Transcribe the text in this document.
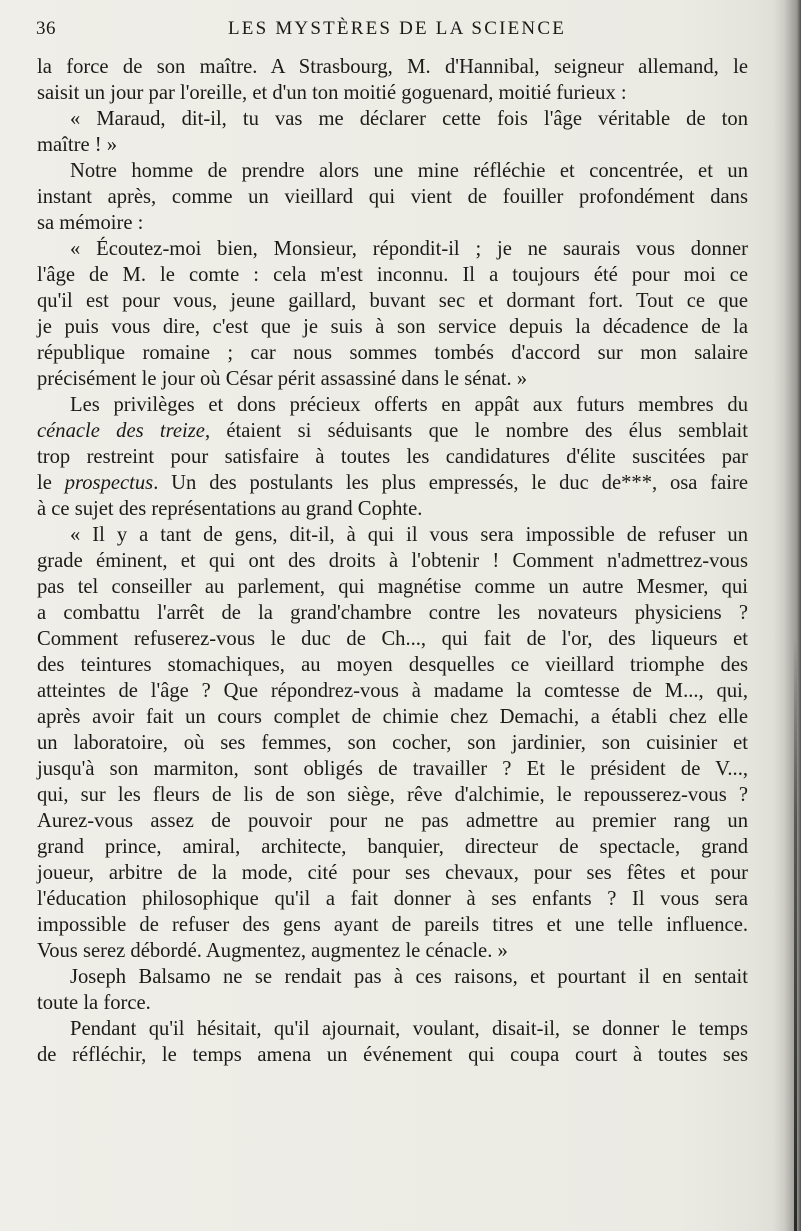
36	LES MYSTÈRES DE LA SCIENCE
la force de son maître. A Strasbourg, M. d'Hannibal, seigneur allemand, le
saisit un jour par l'oreille, et d'un ton moitié goguenard, moitié furieux :
« Maraud, dit-il, tu vas me déclarer cette fois l'âge véritable de ton
maître ! »
Notre homme de prendre alors une mine réfléchie et concentrée, et un
instant après, comme un vieillard qui vient de fouiller profondément dans
sa mémoire :
« Écoutez-moi bien, Monsieur, répondit-il ; je ne saurais vous donner
l'âge de M. le comte : cela m'est inconnu. Il a toujours été pour moi ce
qu'il est pour vous, jeune gaillard, buvant sec et dormant fort. Tout ce que
je puis vous dire, c'est que je suis à son service depuis la décadence de la
république romaine ; car nous sommes tombés d'accord sur mon salaire
précisément le jour où César périt assassiné dans le sénat. »
Les privilèges et dons précieux offerts en appât aux futurs membres du
cénacle des treize, étaient si séduisants que le nombre des élus semblait
trop restreint pour satisfaire à toutes les candidatures d'élite suscitées par
le prospectus. Un des postulants les plus empressés, le duc de***, osa faire
à ce sujet des représentations au grand Cophte.
« Il y a tant de gens, dit-il, à qui il vous sera impossible de refuser un
grade éminent, et qui ont des droits à l'obtenir ! Comment n'admettrez-vous
pas tel conseiller au parlement, qui magnétise comme un autre Mesmer, qui
a combattu l'arrêt de la grand'chambre contre les novateurs physiciens ?
Comment refuserez-vous le duc de Ch..., qui fait de l'or, des liqueurs et
des teintures stomachiques, au moyen desquelles ce vieillard triomphe des
atteintes de l'âge ? Que répondrez-vous à madame la comtesse de M..., qui,
après avoir fait un cours complet de chimie chez Demachi, a établi chez elle
un laboratoire, où ses femmes, son cocher, son jardinier, son cuisinier et
jusqu'à son marmiton, sont obligés de travailler ? Et le président de V...,
qui, sur les fleurs de lis de son siège, rêve d'alchimie, le repousserez-vous ?
Aurez-vous assez de pouvoir pour ne pas admettre au premier rang un
grand prince, amiral, architecte, banquier, directeur de spectacle, grand
joueur, arbitre de la mode, cité pour ses chevaux, pour ses fêtes et pour
l'éducation philosophique qu'il a fait donner à ses enfants ? Il vous sera
impossible de refuser des gens ayant de pareils titres et une telle influence.
Vous serez débordé. Augmentez, augmentez le cénacle. »
Joseph Balsamo ne se rendait pas à ces raisons, et pourtant il en sentait
toute la force.
Pendant qu'il hésitait, qu'il ajournait, voulant, disait-il, se donner le temps
de réfléchir, le temps amena un événement qui coupa court à toutes ses
